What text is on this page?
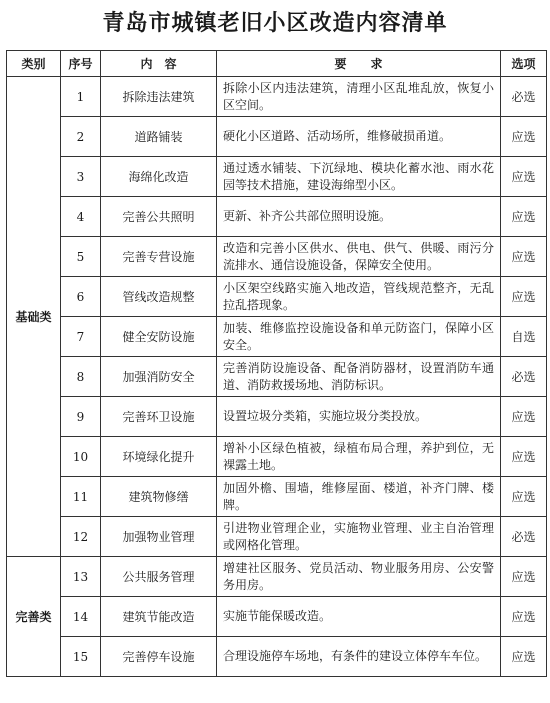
青岛市城镇老旧小区改造内容清单
类别	序号	内　容	要　　求	选项
基础类	1	拆除违法建筑	拆除小区内违法建筑，清理小区乱堆乱放，恢复小区空间。	必选
	2	道路铺装	硬化小区道路、活动场所，维修破损甬道。	应选
	3	海绵化改造	通过透水铺装、下沉绿地、模块化蓄水池、雨水花园等技术措施，建设海绵型小区。	应选
	4	完善公共照明	更新、补齐公共部位照明设施。	应选
	5	完善专营设施	改造和完善小区供水、供电、供气、供暖、雨污分流排水、通信设施设备，保障安全使用。	应选
	6	管线改造规整	小区架空线路实施入地改造，管线规范整齐，无乱拉乱搭现象。	应选
	7	健全安防设施	加装、维修监控设施设备和单元防盗门，保障小区安全。	自选
	8	加强消防安全	完善消防设施设备、配备消防器材，设置消防车通道、消防救援场地、消防标识。	必选
	9	完善环卫设施	设置垃圾分类箱，实施垃圾分类投放。	应选
	10	环境绿化提升	增补小区绿色植被，绿植布局合理，养护到位，无裸露土地。	应选
	11	建筑物修缮	加固外檐、围墙，维修屋面、楼道，补齐门牌、楼牌。	应选
	12	加强物业管理	引进物业管理企业，实施物业管理、业主自治管理或网格化管理。	必选
完善类	13	公共服务管理	增建社区服务、党员活动、物业服务用房、公安警务用房。	应选
	14	建筑节能改造	实施节能保暖改造。	应选
	15	完善停车设施	合理设施停车场地，有条件的建设立体停车车位。	应选
